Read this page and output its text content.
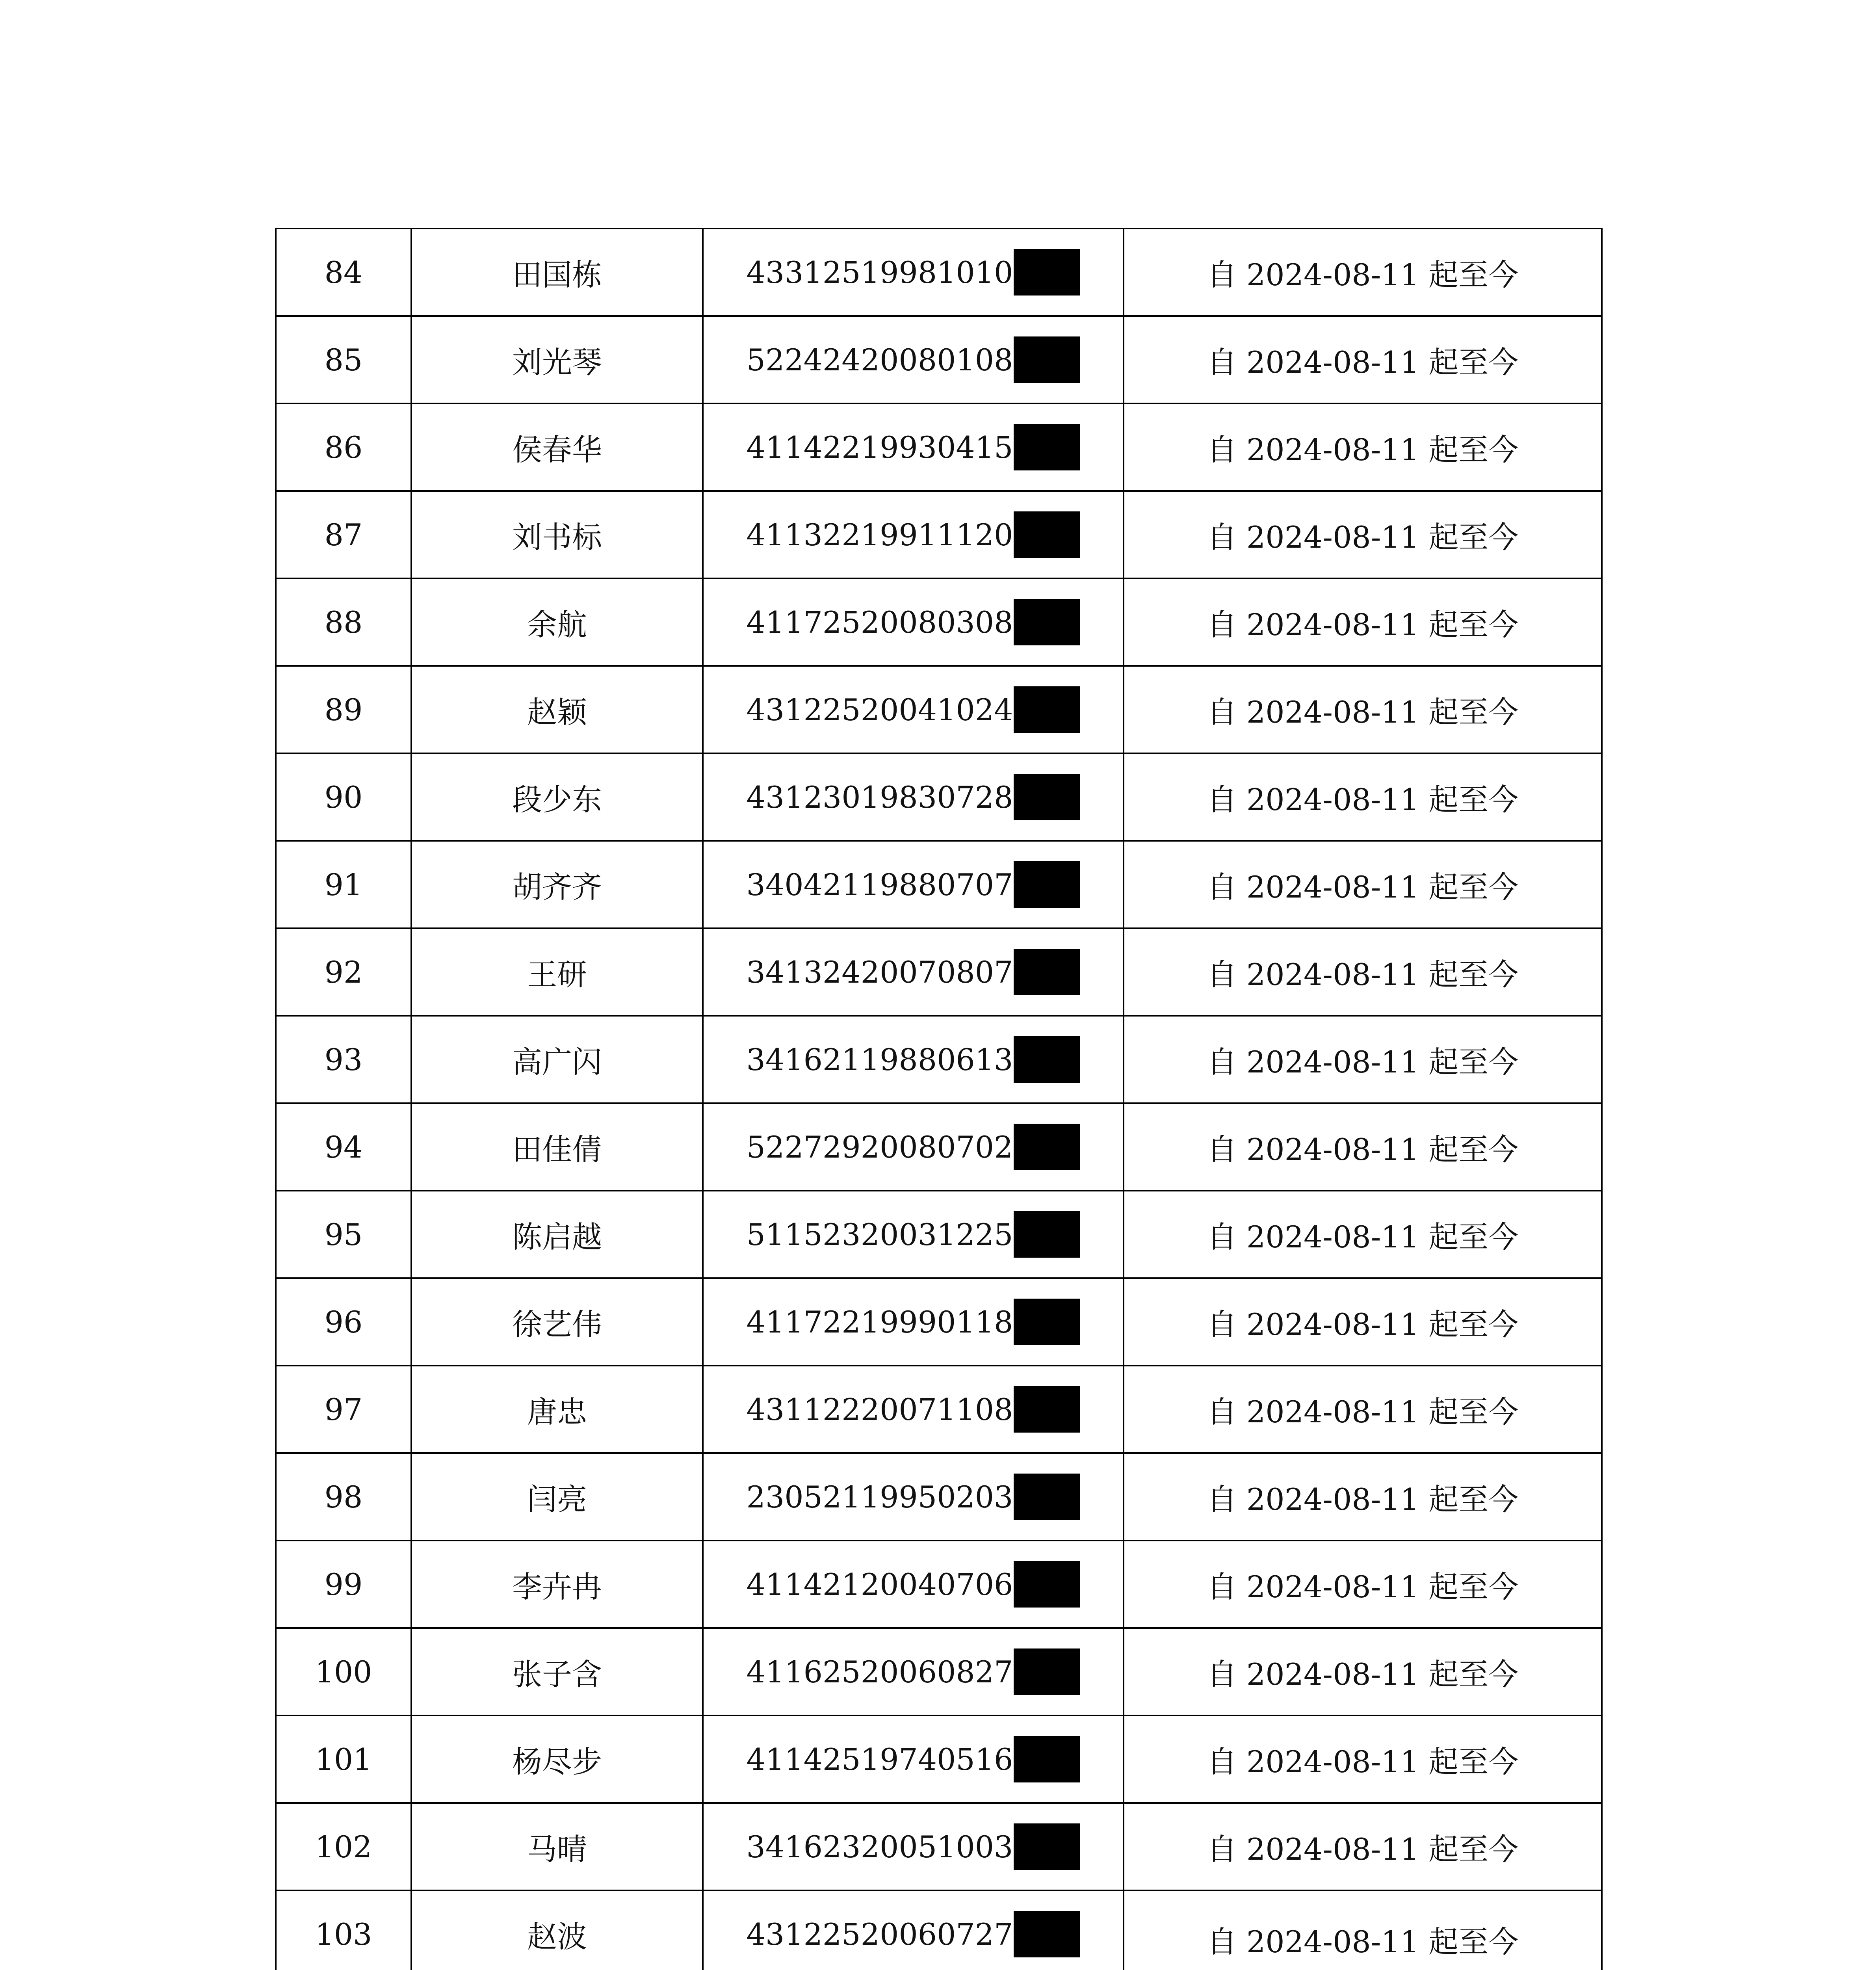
84	田国栋	43312519981010	自 2024-08-11 起至今
85	刘光琴	52242420080108	自 2024-08-11 起至今
86	侯春华	41142219930415	自 2024-08-11 起至今
87	刘书标	41132219911120	自 2024-08-11 起至今
88	余航	41172520080308	自 2024-08-11 起至今
89	赵颖	43122520041024	自 2024-08-11 起至今
90	段少东	43123019830728	自 2024-08-11 起至今
91	胡齐齐	34042119880707	自 2024-08-11 起至今
92	王研	34132420070807	自 2024-08-11 起至今
93	高广闪	34162119880613	自 2024-08-11 起至今
94	田佳倩	52272920080702	自 2024-08-11 起至今
95	陈启越	51152320031225	自 2024-08-11 起至今
96	徐艺伟	41172219990118	自 2024-08-11 起至今
97	唐忠	43112220071108	自 2024-08-11 起至今
98	闫亮	23052119950203	自 2024-08-11 起至今
99	李卉冉	41142120040706	自 2024-08-11 起至今
100	张子含	41162520060827	自 2024-08-11 起至今
101	杨尽步	41142519740516	自 2024-08-11 起至今
102	马晴	34162320051003	自 2024-08-11 起至今
103	赵波	43122520060727	自 2024-08-11 起至今
